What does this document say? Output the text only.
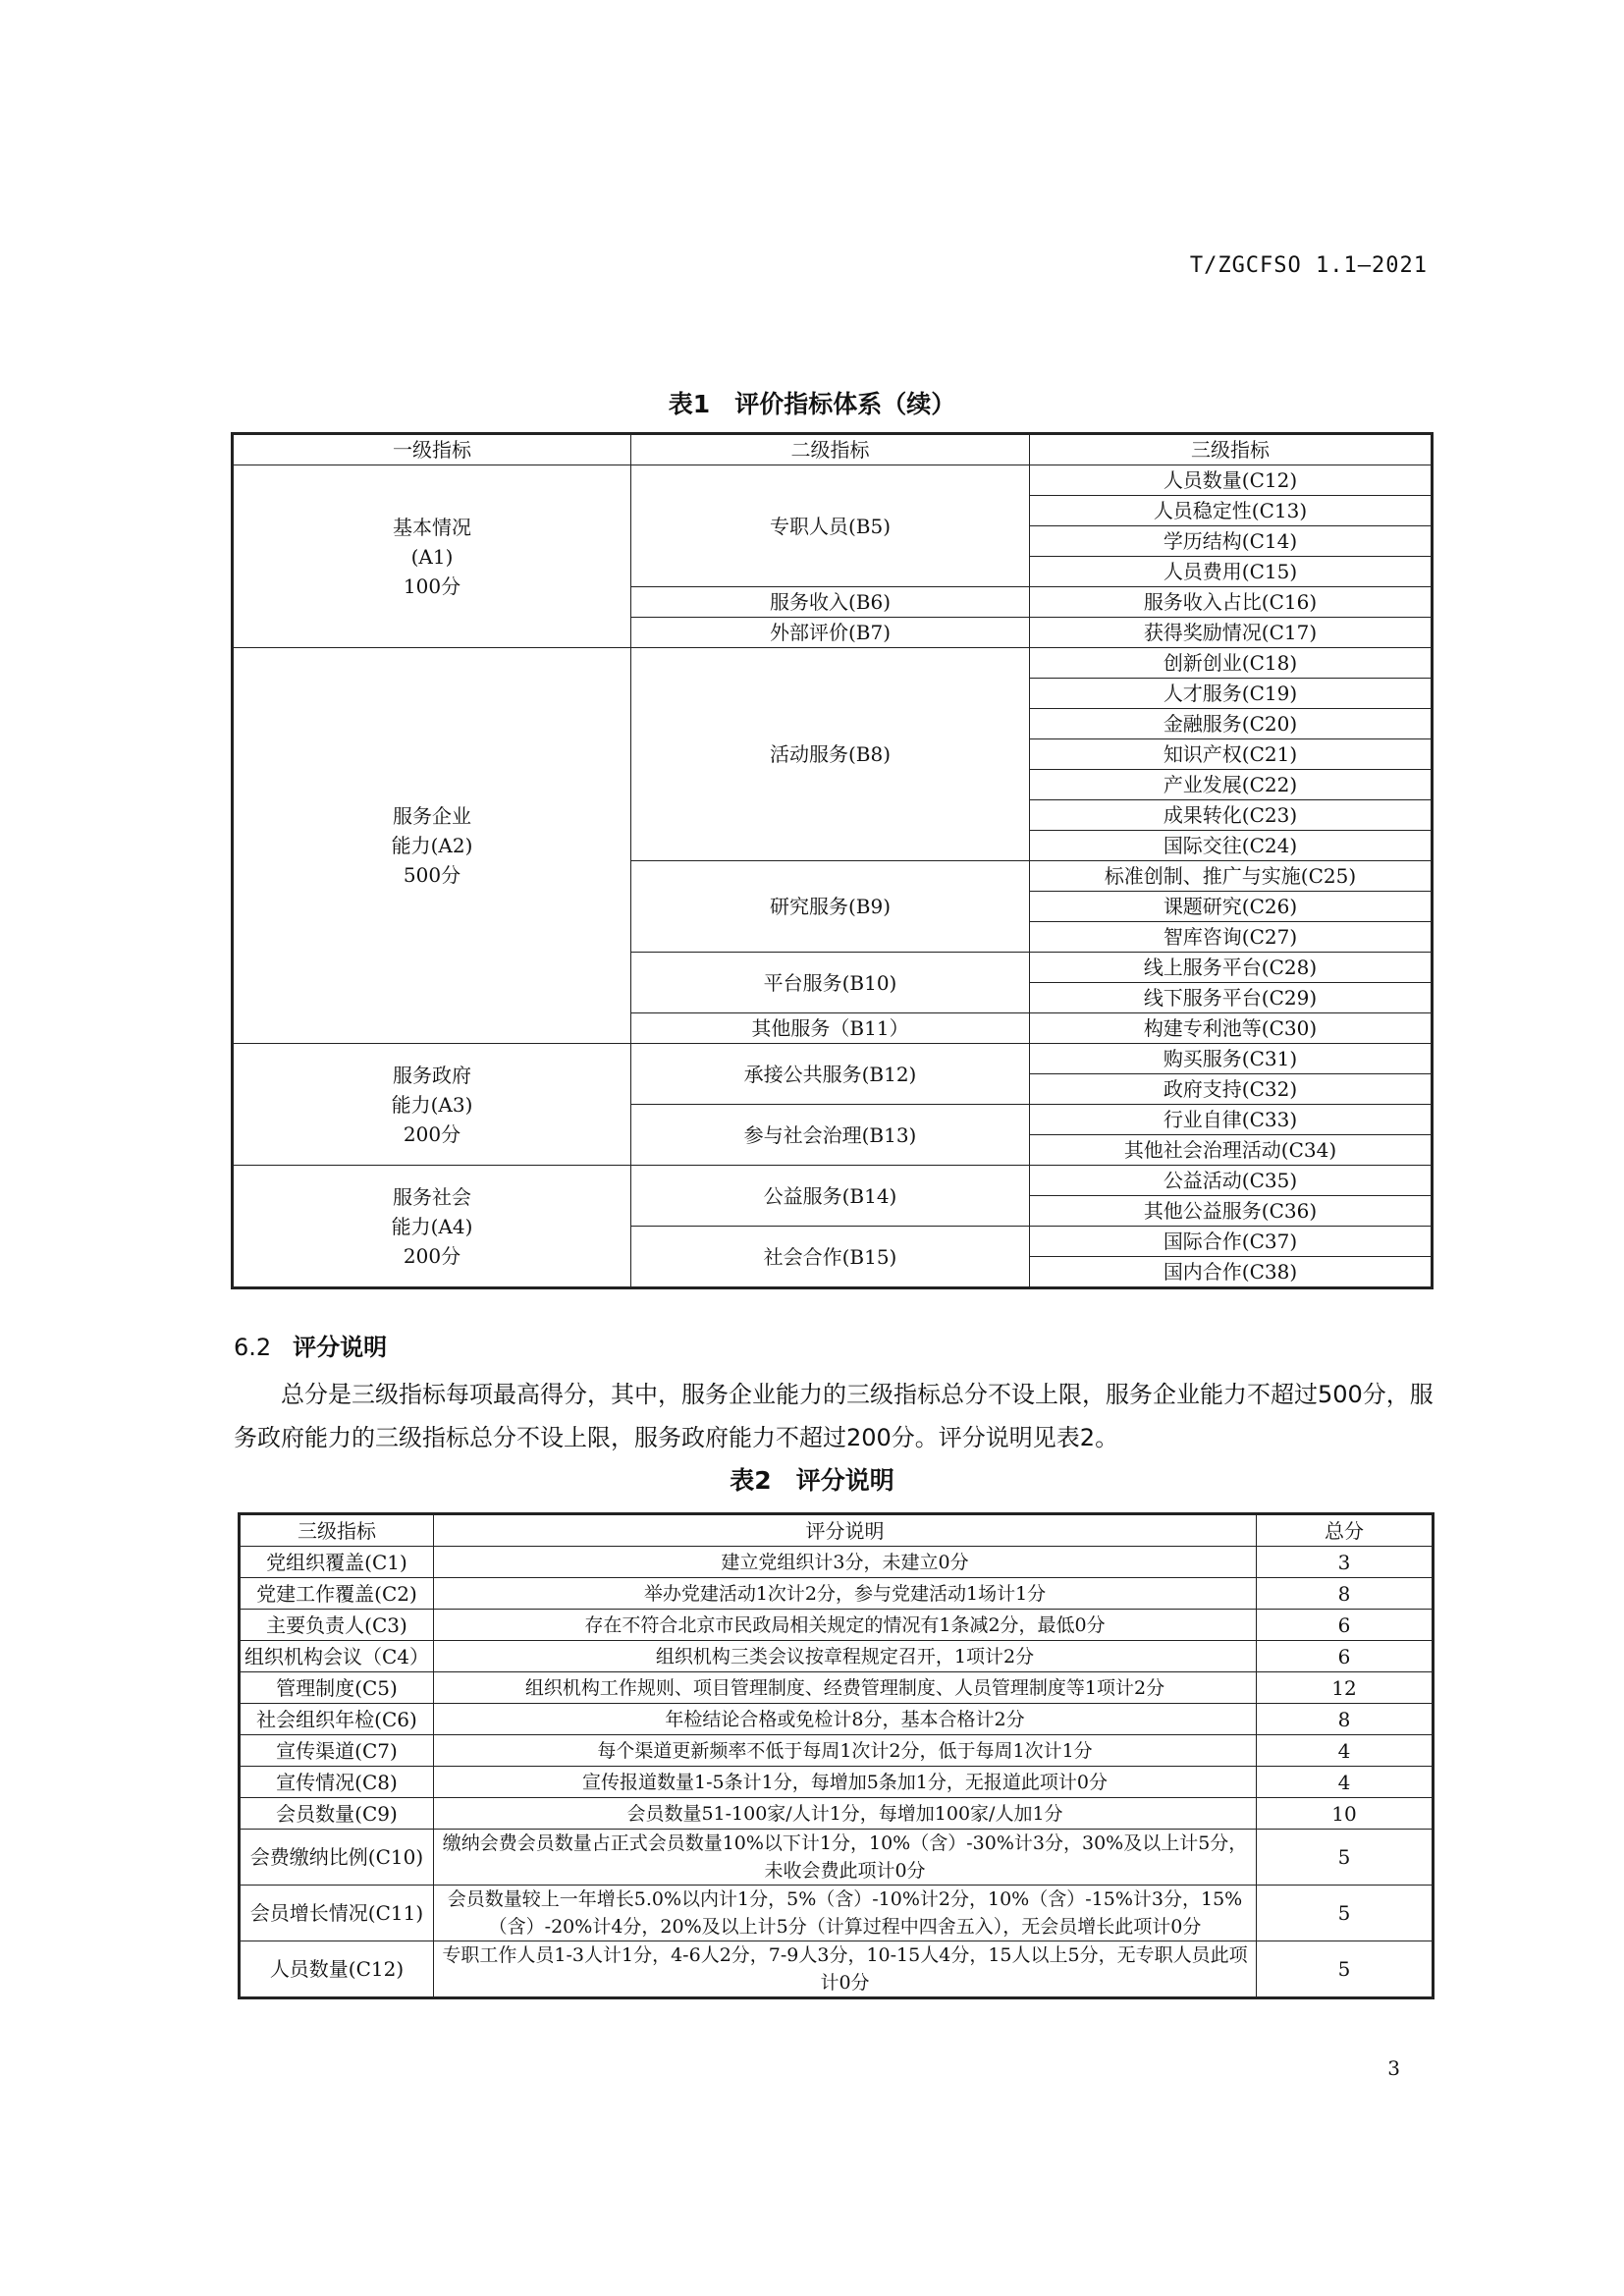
T/ZGCFSO 1.1—2021
表1　评价指标体系（续）
一级指标	二级指标	三级指标

基本情况
(A1)
100分	专职人员(B5)	人员数量(C12)
		人员稳定性(C13)
		学历结构(C14)
		人员费用(C15)
	服务收入(B6)	服务收入占比(C16)
	外部评价(B7)	获得奖励情况(C17)

服务企业
能力(A2)
500分	活动服务(B8)	创新创业(C18)
		人才服务(C19)
		金融服务(C20)
		知识产权(C21)
		产业发展(C22)
		成果转化(C23)
		国际交往(C24)
	研究服务(B9)	标准创制、推广与实施(C25)
		课题研究(C26)
		智库咨询(C27)
	平台服务(B10)	线上服务平台(C28)
		线下服务平台(C29)
	其他服务（B11）	构建专利池等(C30)

服务政府
能力(A3)
200分	承接公共服务(B12)	购买服务(C31)
		政府支持(C32)
	参与社会治理(B13)	行业自律(C33)
		其他社会治理活动(C34)

服务社会
能力(A4)
200分	公益服务(B14)	公益活动(C35)
		其他公益服务(C36)
	社会合作(B15)	国际合作(C37)
		国内合作(C38)
6.2 评分说明
总分是三级指标每项最高得分，其中，服务企业能力的三级指标总分不设上限，服务企业能力不超过500分，服务政府能力的三级指标总分不设上限，服务政府能力不超过200分。评分说明见表2。
表2　评分说明
三级指标	评分说明	总分
党组织覆盖(C1)	建立党组织计3分，未建立0分	3
党建工作覆盖(C2)	举办党建活动1次计2分，参与党建活动1场计1分	8
主要负责人(C3)	存在不符合北京市民政局相关规定的情况有1条减2分，最低0分	6
组织机构会议（C4）	组织机构三类会议按章程规定召开，1项计2分	6
管理制度(C5)	组织机构工作规则、项目管理制度、经费管理制度、人员管理制度等1项计2分	12
社会组织年检(C6)	年检结论合格或免检计8分，基本合格计2分	8
宣传渠道(C7)	每个渠道更新频率不低于每周1次计2分，低于每周1次计1分	4
宣传情况(C8)	宣传报道数量1-5条计1分，每增加5条加1分，无报道此项计0分	4
会员数量(C9)	会员数量51-100家/人计1分，每增加100家/人加1分	10
会费缴纳比例(C10)	缴纳会费会员数量占正式会员数量10%以下计1分，10%（含）-30%计3分，30%及以上计5分，未收会费此项计0分	5
会员增长情况(C11)	会员数量较上一年增长5.0%以内计1分，5%（含）-10%计2分，10%（含）-15%计3分，15%（含）-20%计4分，20%及以上计5分（计算过程中四舍五入），无会员增长此项计0分	5
人员数量(C12)	专职工作人员1-3人计1分，4-6人2分，7-9人3分，10-15人4分，15人以上5分，无专职人员此项计0分	5
3
